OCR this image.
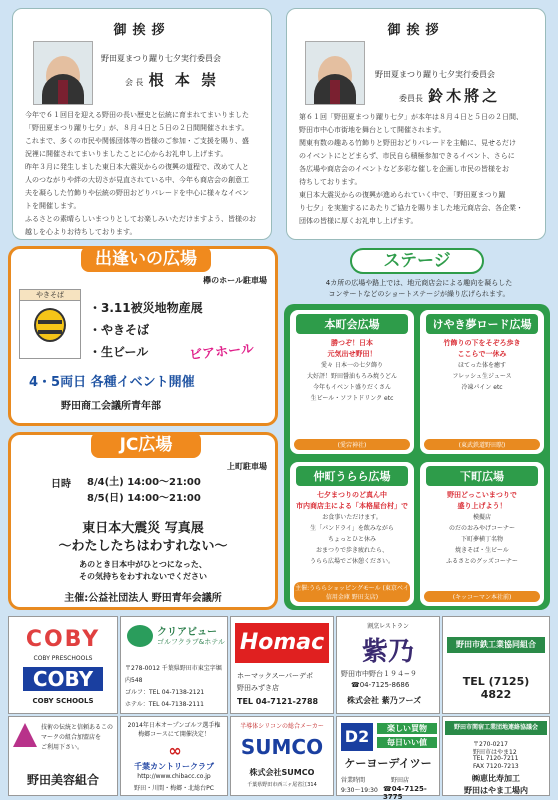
御挨拶
野田夏まつり躍り七夕実行委員会
会 長 根 本 崇
今年で６１回目を迎える野田の長い歴史と伝統に育まれてまいりました
「野田夏まつり躍り七夕」が、８月４日と５日の２日間開催されます。
これまで、多くの市民や関係団体等の皆様のご参加・ご支援を賜り、盛
況裡に開催されてまいりましたことに心からお礼申し上げます。
昨年３月に発生しました東日本大震災からの復興の道程で、改めて人と
人のつながりや絆の大切さが見直されている中、今年も商店会の創意工
夫を凝らした竹飾りや伝統の野田おどりパレードを中心に様々なイベン
トを開催します。
ふるさとの素晴らしいまつりとしてお楽しみいただけますよう、皆様のお
越しを心よりお待ちしております。
御挨拶
野田夏まつり躍り七夕実行委員会
委員長 鈴木將之
第６１回「野田夏まつり躍り七夕」が本年は８月４日と５日の２日間、
野田市中心市街地を舞台として開催されます。
関東有数の趣ある竹飾りと野田おどりパレードを主軸に、見せるだけ
のイベントにとどまらず、市民自ら積極参加できるイベント、さらに
各広場や商店会のイベントなど多彩な催しを企画し市民の皆様をお
待ちしております。
東日本大震災からの復興が進められていく中で、「野田夏まつり躍
り七夕」を実施するにあたりご協力を賜りました地元商店会、各企業・
団体の皆様に厚くお礼申し上げます。
出逢いの広場
欅のホール駐車場
やきそば
・3.11被災地物産展
・やきそば
・生ビール	ビアホール
4・5両日 各種イベント開催
野田商工会議所青年部
JC広場
上町駐車場
日時 8/4(土) 14:00～21:00
8/5(日) 14:00～21:00
東日本大震災 写真展
～わたしたちはわすれない～
あのとき日本中がひとつになった、
その気持ちをわすれないでください
主催:公益社団法人 野田青年会議所
ステージ
4カ所の広場や路上では、地元商店会による趣向を凝らした
コンサートなどのショートステージが繰り広げられます。
本町会広場
勝つぞ！日本
元気出せ野田！
愛々 日本一の七夕飾り
大好評！野田醤油もろみ焼うどん
今年もイベント盛りだくさん
生ビール・ソフトドリンク etc
(愛宕神社)
けやき夢ロード広場
竹飾りの下をそぞろ歩き
ここらで一休み
ほてった体を癒す
フレッシュ生ジュース
冷凍パイン etc
(東武鉄道野田駅)
仲町うらら広場
七夕まつりのど真ん中
市内商店主による「本格屋台村」で
お食事いただけます。
生「パンドライ」を飲みながら
ちょっとひと休み
おまつりで歩き疲れたら、
うらら広場でご休憩ください。
主催:うららショッピングモール (東京ベイ信用金庫 野田支店)
下町広場
野田どっこいまつりで
盛り上げよう！
模擬店
のだのおみやげコーナー
下町夢横丁名物
焼きそば・生ビール
ふるさとのグッズコーナー
(キッコーマン本社前)
COBY
COBY PRESCHOOLS
COBY
COBY SCHOOLS
クリアビュー
ゴルフクラブ&ホテル
〒278-0012 千葉県野田市東宝字堀内548
ゴルフ：TEL 04-7138-2121
ホテル：TEL 04-7138-2111
Homac
ホーマックスーパーデポ
野田みずき店
TEL 04-7121-2788
割烹レストラン
紫乃
野田市中野台１９４−９
☎04-7125-8686
株式会社 紫乃フーズ
野田市鉄工業協同組合
TEL (7125) 4822
技術の伝統と信頼あるこのマークの組合加盟店を
ご利用下さい。
野田美容組合
2014年日本オープンゴルフ選手権
梅郷コースにて開催決定！
∞
千葉カントリークラブ
http://www.chibacc.co.jp
野田・川間・梅郷・北総台PC
半導体シリコンの総合メーカー
SUMCO
株式会社SUMCO
千葉県野田市西三ヶ尾省江314
D2	楽しい買物
毎日いい値
ケーヨーデイツー
営業時間
9:30～19:30
野田店
☎04-7125-3775
野田市関宿工業団地連絡協議会
〒270-0217
野田市はやま12
TEL 7120-7211
FAX 7120-7213
㈱恵比寿加工
野田はやま工場内
